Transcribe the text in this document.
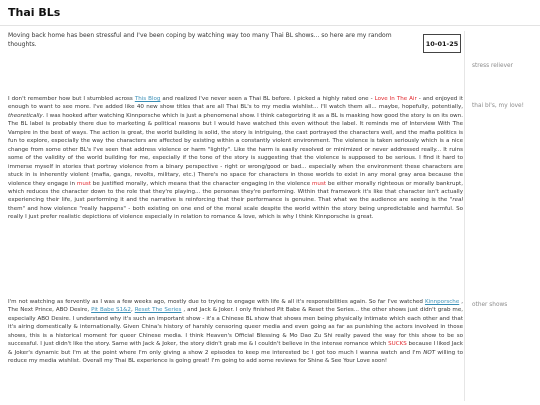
Thai BLs
Moving back home has been stressful and I've been coping by watching way too many Thai BL shows... so here are my random thoughts.	10-01-25

I don't remember how but I stumbled across This Blog and realized I've never seen a Thai BL before. I picked a highly rated one - Love In The Air - and enjoyed it enough to want to see more. I've added like 40 new show titles that are all Thai BL's to my media wishlist... I'll watch them all... maybe, hopefully, potentially, theoretically. I was hooked after watching Kinnporsche which is just a phenomenal show. I think categorizing it as a BL is masking how good the story is on its own. The BL label is probably there due to marketing & political reasons but I would have watched this even without the label. It reminds me of Interview With The Vampire in the best of ways. The action is great, the world building is solid, the story is intriguing, the cast portrayed the characters well, and the mafia politics is fun to explore, especially the way the characters are affected by existing within a constantly violent environment. The violence is taken seriously which is a nice change from some other BL's I've seen that address violence or harm "lightly". Like the harm is easily resolved or minimized or never addressed really... It ruins some of the validity of the world building for me, especially if the tone of the story is suggesting that the violence is supposed to be serious. I find it hard to immerse myself in stories that portray violence from a binary perspective - right or wrong/good or bad... especially when the environment these characters are stuck in is inherently violent (mafia, gangs, revolts, military, etc.) There's no space for characters in those worlds to exist in any moral gray area because the violence they engage in must be justified morally, which means that the character engaging in the violence must be either morally righteous or morally bankrupt, which reduces the character down to the role that they're playing... the personas they're performing. Within that framework it's like that character isn't actually experiencing their life, just performing it and the narrative is reinforcing that their performance is genuine. That what we the audience are seeing is the "real them" and how violence "really happens" - both existing on one end of the moral scale despite the world within the story being unpredictable and harmful. So really I just prefer realistic depictions of violence especially in relation to romance & love, which is why I think Kinnporsche is great.

I'm not watching as fervently as I was a few weeks ago, mostly due to trying to engage with life & all it's responsibilities again. So far I've watched Kinnporsche , The Next Prince, ABO Desire, Pit Babe S1&2, Reset The Series , and Jack & Joker. I only finished Pit Babe & Reset the Series... the other shows just didn't grab me, especially ABO Desire. I understand why it's such an important show - it's a Chinese BL show that shows men being physically intimate which each other and that it's airing domestically & internationally. Given China's history of harshly censoring queer media and even going as far as punishing the actors involved in those shows, this is a historical moment for queer Chinese media. I think Heaven's Official Blessing & Mo Dao Zu Shi really paved the way for this show to be so successful. I just didn't like the story. Same with Jack & Joker, the story didn't grab me & I couldn't believe in the intense romance which SUCKS because I liked Jack & Joker's dynamic but I'm at the point where I'm only giving a show 2 episodes to keep me interested bc I got too much I wanna watch and I'm NOT willing to reduce my media wishlist. Overall my Thai BL experience is going great! I'm going to add some reviews for Shine & See Your Love soon!

stress reliever
thai bl's, my love!
other shows
